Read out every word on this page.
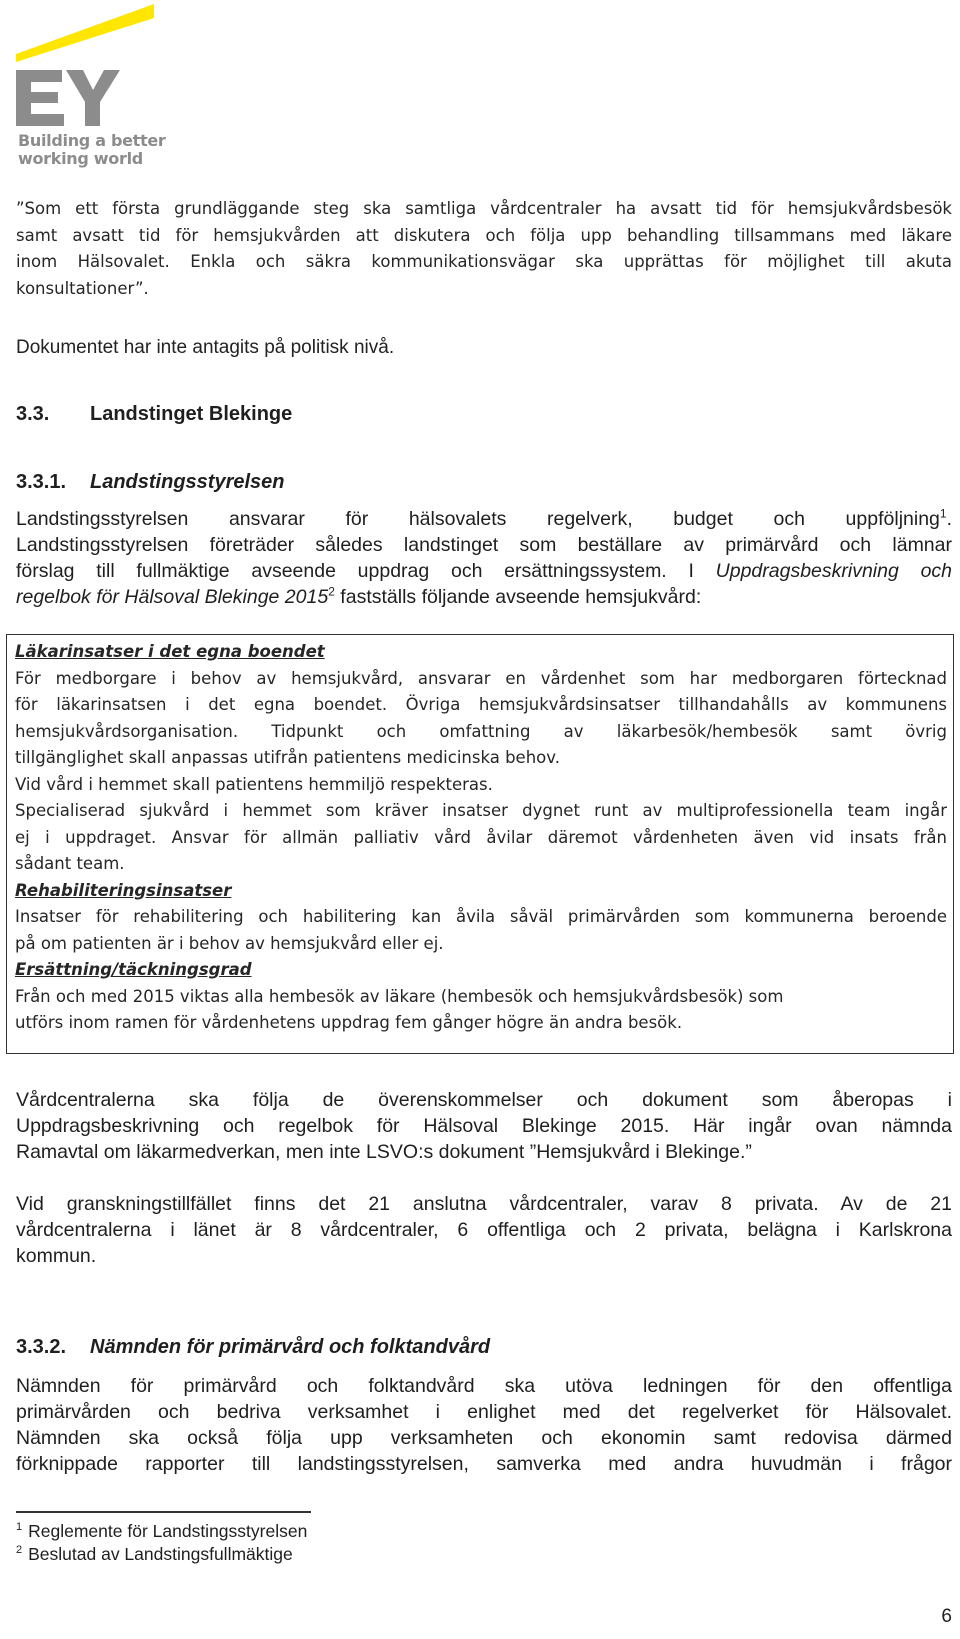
Building a better
working world
”Som ett första grundläggande steg ska samtliga vårdcentraler ha avsatt tid för hemsjukvårdsbesök
samt avsatt tid för hemsjukvården att diskutera och följa upp behandling tillsammans med läkare
inom Hälsovalet. Enkla och säkra kommunikationsvägar ska upprättas för möjlighet till akuta
konsultationer”.

Dokumentet har inte antagits på politisk nivå.

3.3. Landstinget Blekinge
3.3.1. Landstingsstyrelsen
Landstingsstyrelsen ansvarar för hälsovalets regelverk, budget och uppföljning$^1$.
Landstingsstyrelsen företräder således landstinget som beställare av primärvård och lämnar
förslag till fullmäktige avseende uppdrag och ersättningssystem. I Uppdragsbeskrivning och
regelbok för Hälsoval Blekinge 2015$^2$ fastställs följande avseende hemsjukvård:
Läkarinsatser i det egna boendet
För medborgare i behov av hemsjukvård, ansvarar en vårdenhet som har medborgaren förtecknad
för läkarinsatsen i det egna boendet. Övriga hemsjukvårdsinsatser tillhandahålls av kommunens
hemsjukvårdsorganisation. Tidpunkt och omfattning av läkarbesök/hembesök samt övrig
tillgänglighet skall anpassas utifrån patientens medicinska behov.
Vid vård i hemmet skall patientens hemmiljö respekteras.
Specialiserad sjukvård i hemmet som kräver insatser dygnet runt av multiprofessionella team ingår
ej i uppdraget. Ansvar för allmän palliativ vård åvilar däremot vårdenheten även vid insats från
sådant team.
Rehabiliteringsinsatser
Insatser för rehabilitering och habilitering kan åvila såväl primärvården som kommunerna beroende
på om patienten är i behov av hemsjukvård eller ej.
Ersättning/täckningsgrad
Från och med 2015 viktas alla hembesök av läkare (hembesök och hemsjukvårdsbesök) som
utförs inom ramen för vårdenhetens uppdrag fem gånger högre än andra besök.
Vårdcentralerna ska följa de överenskommelser och dokument som åberopas i
Uppdragsbeskrivning och regelbok för Hälsoval Blekinge 2015. Här ingår ovan nämnda
Ramavtal om läkarmedverkan, men inte LSVO:s dokument ”Hemsjukvård i Blekinge.”
Vid granskningstillfället finns det 21 anslutna vårdcentraler, varav 8 privata. Av de 21
vårdcentralerna i länet är 8 vårdcentraler, 6 offentliga och 2 privata, belägna i Karlskrona
kommun.
3.3.2. Nämnden för primärvård och folktandvård
Nämnden för primärvård och folktandvård ska utöva ledningen för den offentliga
primärvården och bedriva verksamhet i enlighet med det regelverket för Hälsovalet.
Nämnden ska också följa upp verksamheten och ekonomin samt redovisa därmed
förknippade rapporter till landstingsstyrelsen, samverka med andra huvudmän i frågor
$^1$ Reglemente för Landstingsstyrelsen
$^2$ Beslutad av Landstingsfullmäktige
6
